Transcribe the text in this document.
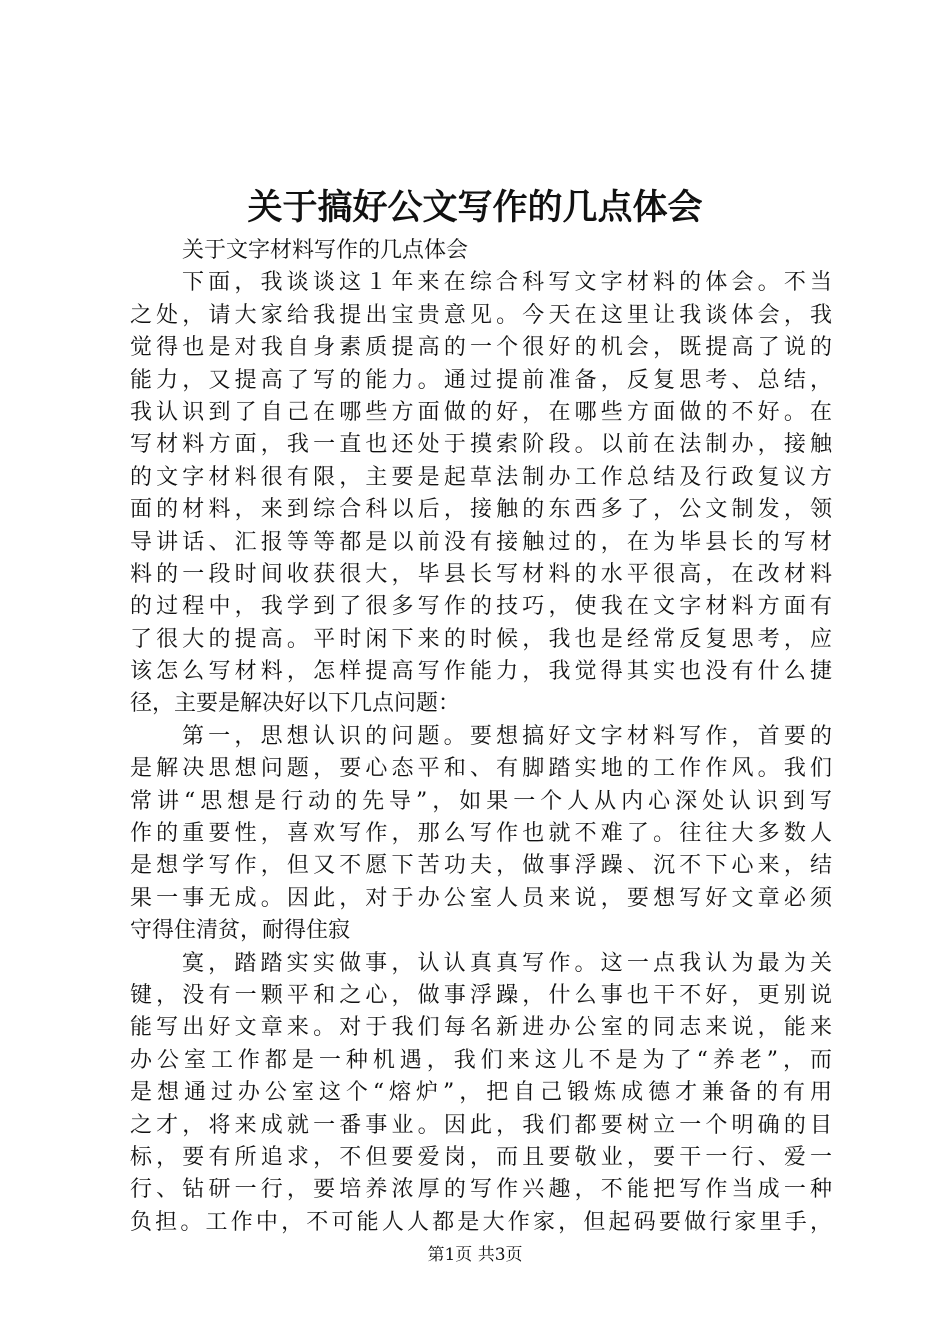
关于搞好公文写作的几点体会
关于文字材料写作的几点体会
下面，我谈谈这１年来在综合科写文字材料的体会。不当
之处，请大家给我提出宝贵意见。今天在这里让我谈体会，我
觉得也是对我自身素质提高的一个很好的机会，既提高了说的
能力，又提高了写的能力。通过提前准备，反复思考、总结，
我认识到了自己在哪些方面做的好，在哪些方面做的不好。在
写材料方面，我一直也还处于摸索阶段。以前在法制办，接触
的文字材料很有限，主要是起草法制办工作总结及行政复议方
面的材料，来到综合科以后，接触的东西多了，公文制发，领
导讲话、汇报等等都是以前没有接触过的，在为毕县长的写材
料的一段时间收获很大，毕县长写材料的水平很高，在改材料
的过程中，我学到了很多写作的技巧，使我在文字材料方面有
了很大的提高。平时闲下来的时候，我也是经常反复思考，应
该怎么写材料，怎样提高写作能力，我觉得其实也没有什么捷
径，主要是解决好以下几点问题：
第一，思想认识的问题。要想搞好文字材料写作，首要的
是解决思想问题，要心态平和、有脚踏实地的工作作风。我们
常讲“思想是行动的先导”，如果一个人从内心深处认识到写
作的重要性，喜欢写作，那么写作也就不难了。往往大多数人
是想学写作，但又不愿下苦功夫，做事浮躁、沉不下心来，结
果一事无成。因此，对于办公室人员来说，要想写好文章必须
守得住清贫，耐得住寂
寞，踏踏实实做事，认认真真写作。这一点我认为最为关
键，没有一颗平和之心，做事浮躁，什么事也干不好，更别说
能写出好文章来。对于我们每名新进办公室的同志来说，能来
办公室工作都是一种机遇，我们来这儿不是为了“养老”，而
是想通过办公室这个“熔炉”，把自己锻炼成德才兼备的有用
之才，将来成就一番事业。因此，我们都要树立一个明确的目
标，要有所追求，不但要爱岗，而且要敬业，要干一行、爱一
行、钻研一行，要培养浓厚的写作兴趣，不能把写作当成一种
负担。工作中，不可能人人都是大作家，但起码要做行家里手，
第1页 共3页
